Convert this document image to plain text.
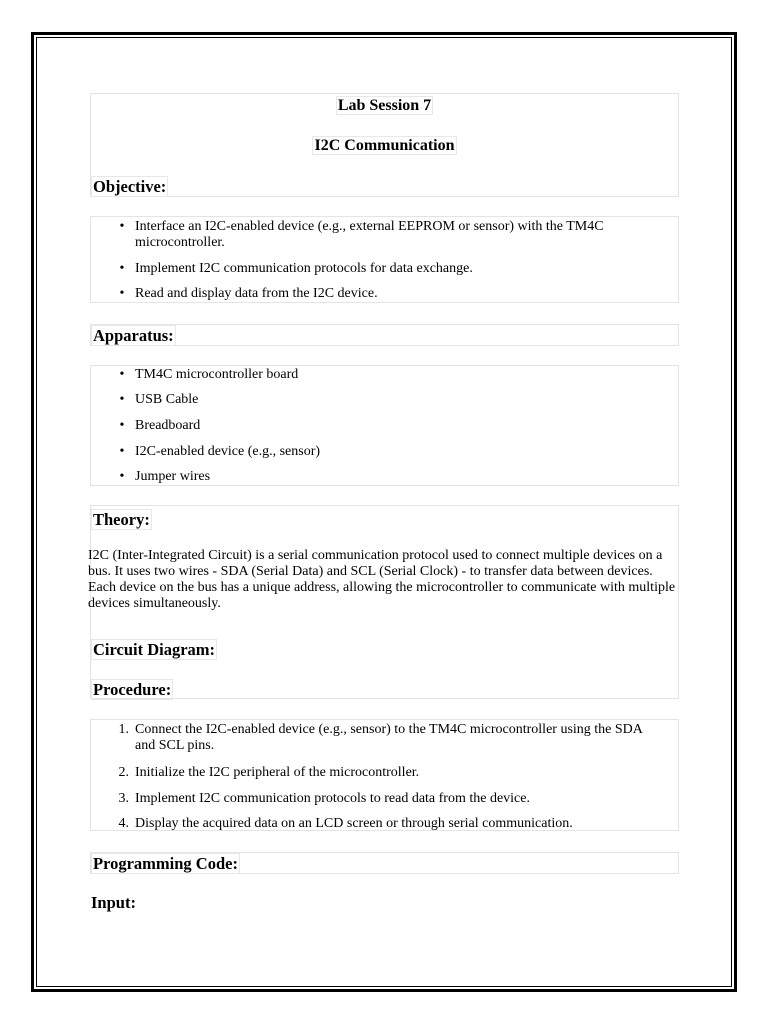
Lab Session 7
I2C Communication
Objective:
• Interface an I2C-enabled device (e.g., external EEPROM or sensor) with the TM4C microcontroller.
• Implement I2C communication protocols for data exchange.
• Read and display data from the I2C device.
Apparatus:
• TM4C microcontroller board
• USB Cable
• Breadboard
• I2C-enabled device (e.g., sensor)
• Jumper wires
Theory:
I2C (Inter-Integrated Circuit) is a serial communication protocol used to connect multiple devices on a bus. It uses two wires - SDA (Serial Data) and SCL (Serial Clock) - to transfer data between devices. Each device on the bus has a unique address, allowing the microcontroller to communicate with multiple devices simultaneously.
Circuit Diagram:
Procedure:
1. Connect the I2C-enabled device (e.g., sensor) to the TM4C microcontroller using the SDA and SCL pins.
2. Initialize the I2C peripheral of the microcontroller.
3. Implement I2C communication protocols to read data from the device.
4. Display the acquired data on an LCD screen or through serial communication.
Programming Code:
Input:
